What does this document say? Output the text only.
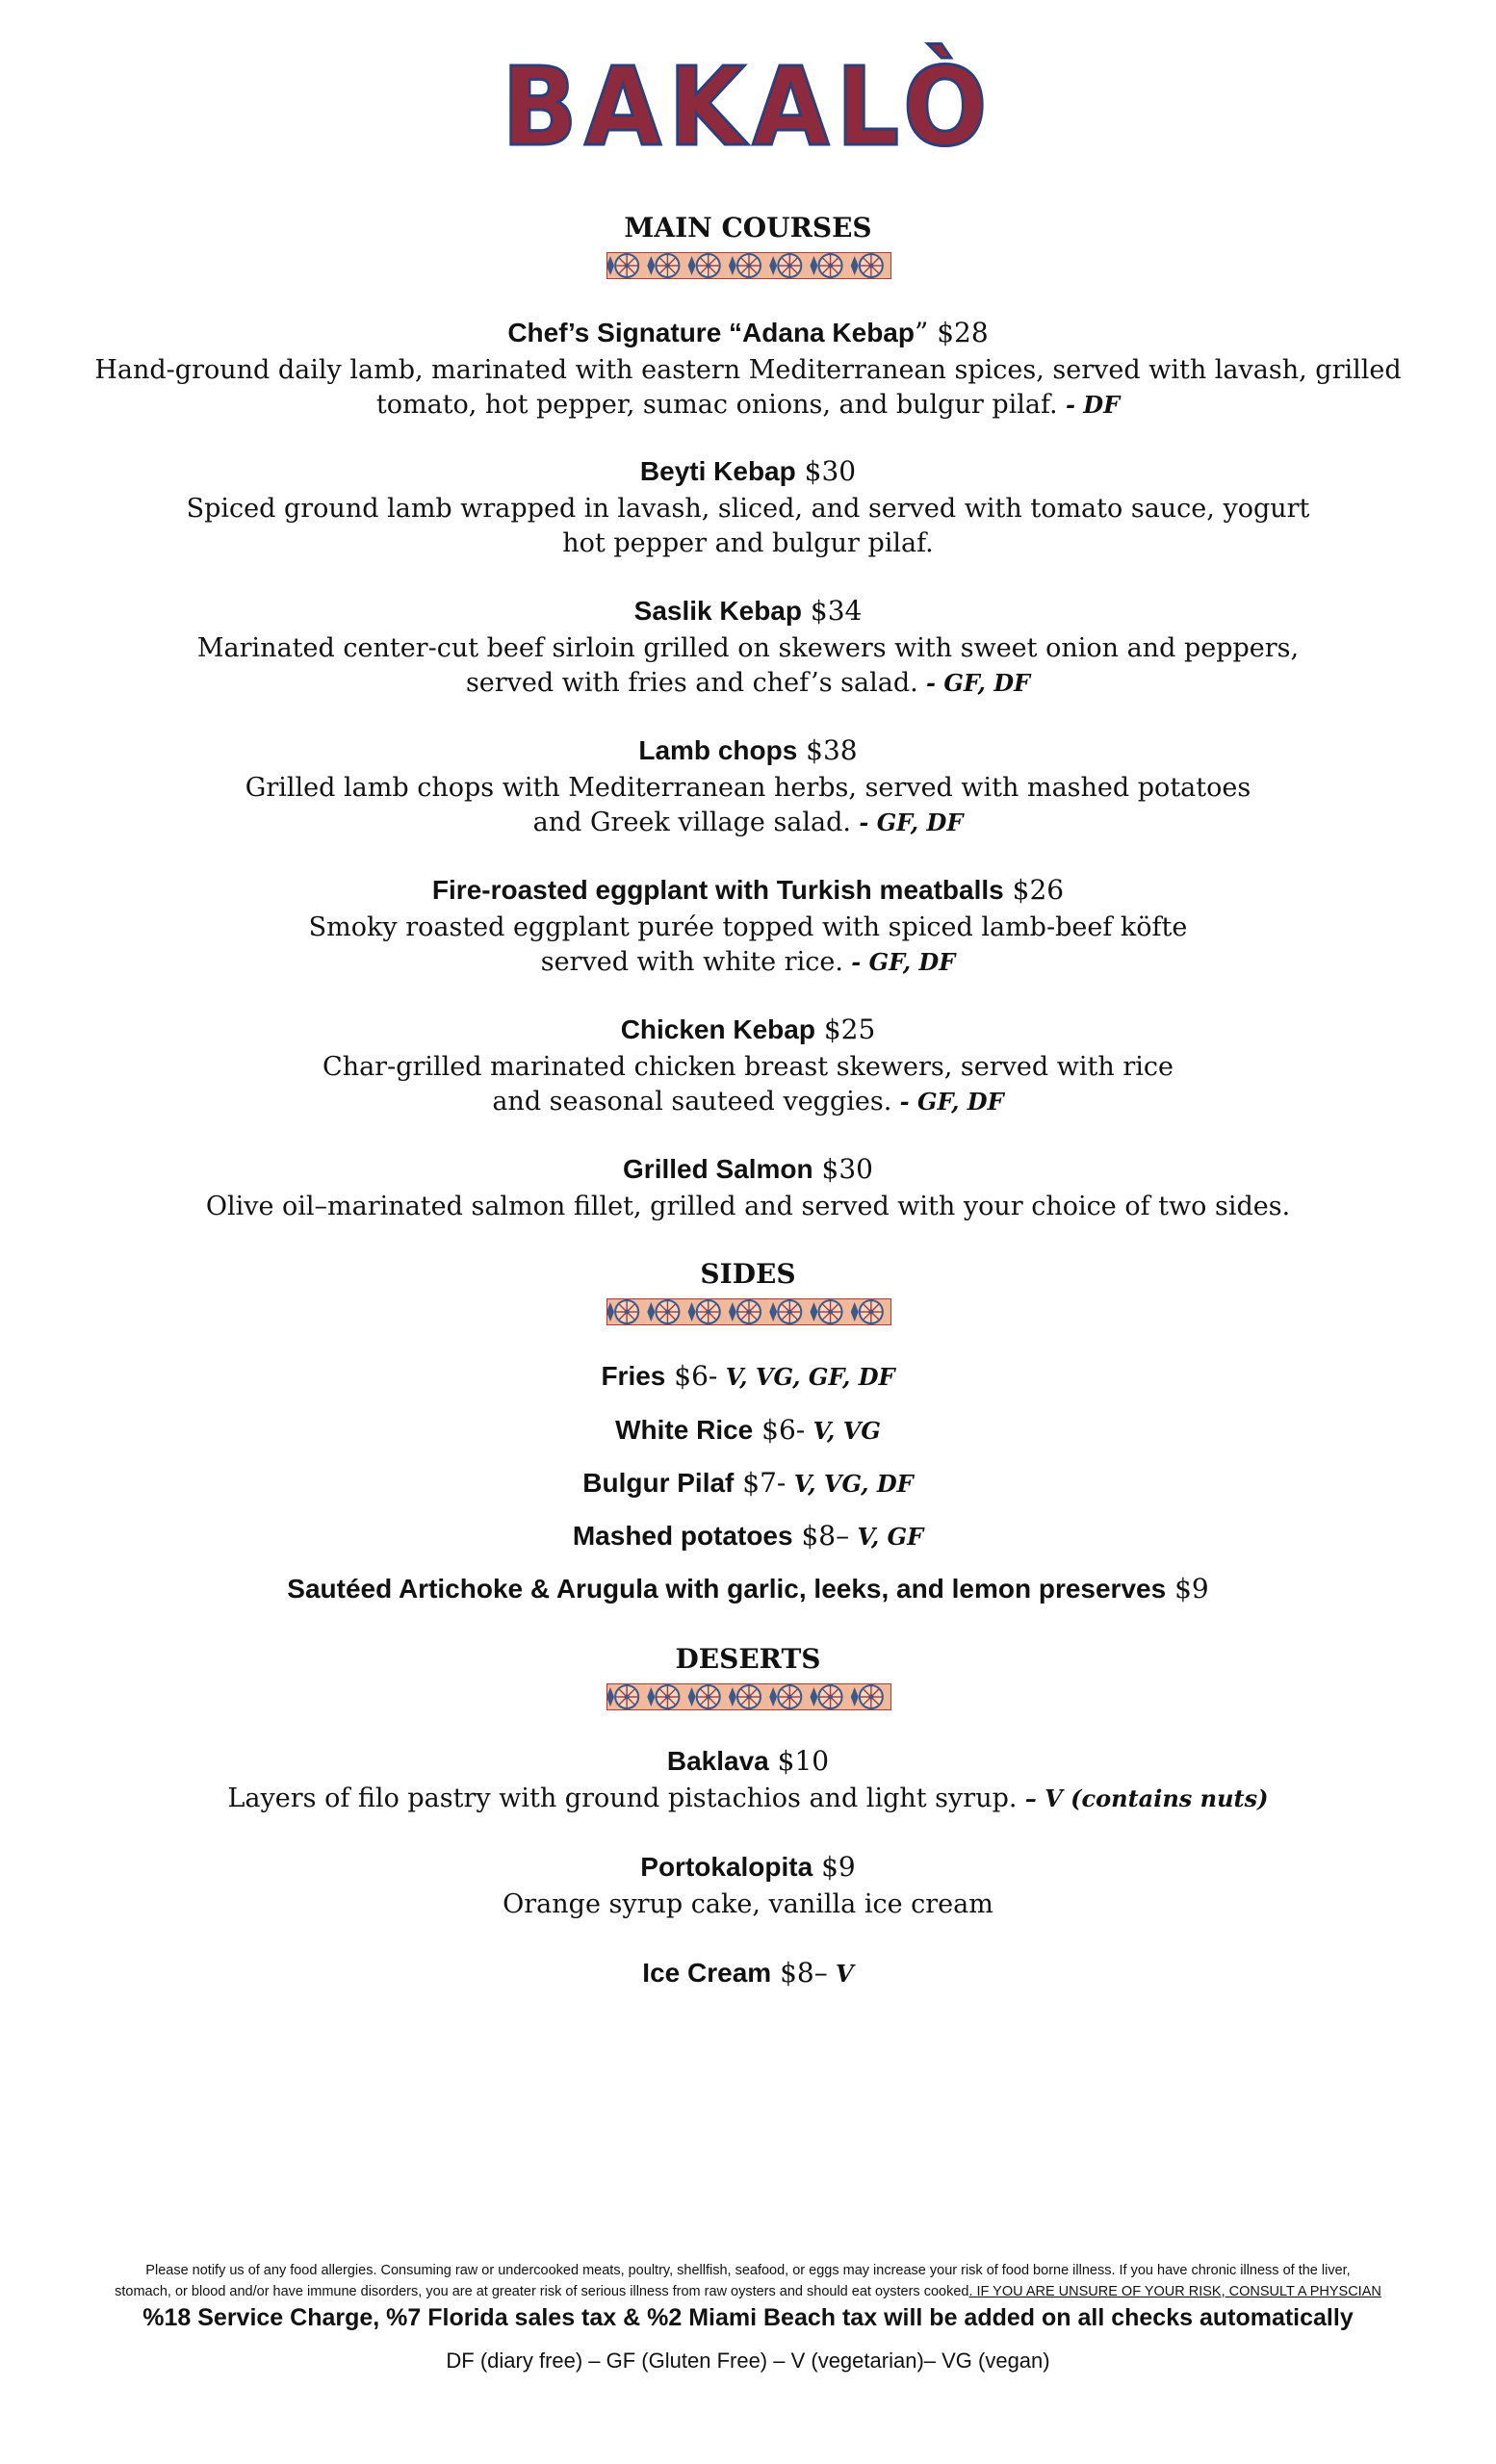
BAKALÒ
MAIN COURSES
Chef’s Signature “Adana Kebap” $28
Hand-ground daily lamb, marinated with eastern Mediterranean spices, served with lavash, grilled
tomato, hot pepper, sumac onions, and bulgur pilaf. - DF
Beyti Kebap $30
Spiced ground lamb wrapped in lavash, sliced, and served with tomato sauce, yogurt
hot pepper and bulgur pilaf.
Saslik Kebap $34
Marinated center-cut beef sirloin grilled on skewers with sweet onion and peppers,
served with fries and chef’s salad. - GF, DF
Lamb chops $38
Grilled lamb chops with Mediterranean herbs, served with mashed potatoes
and Greek village salad. - GF, DF
Fire-roasted eggplant with Turkish meatballs $26
Smoky roasted eggplant purée topped with spiced lamb-beef köfte
served with white rice. - GF, DF
Chicken Kebap $25
Char-grilled marinated chicken breast skewers, served with rice
and seasonal sauteed veggies. - GF, DF
Grilled Salmon $30
Olive oil–marinated salmon fillet, grilled and served with your choice of two sides.
SIDES
Fries $6- V, VG, GF, DF
White Rice $6- V, VG
Bulgur Pilaf $7- V, VG, DF
Mashed potatoes $8– V, GF
Sautéed Artichoke & Arugula with garlic, leeks, and lemon preserves $9
DESERTS
Baklava $10
Layers of filo pastry with ground pistachios and light syrup. – V (contains nuts)
Portokalopita $9
Orange syrup cake, vanilla ice cream
Ice Cream $8– V
Please notify us of any food allergies. Consuming raw or undercooked meats, poultry, shellfish, seafood, or eggs may increase your risk of food borne illness. If you have chronic illness of the liver,
stomach, or blood and/or have immune disorders, you are at greater risk of serious illness from raw oysters and should eat oysters cooked. IF YOU ARE UNSURE OF YOUR RISK, CONSULT A PHYSCIAN
%18 Service Charge, %7 Florida sales tax & %2 Miami Beach tax will be added on all checks automatically
DF (diary free) – GF (Gluten Free) – V (vegetarian)– VG (vegan)
